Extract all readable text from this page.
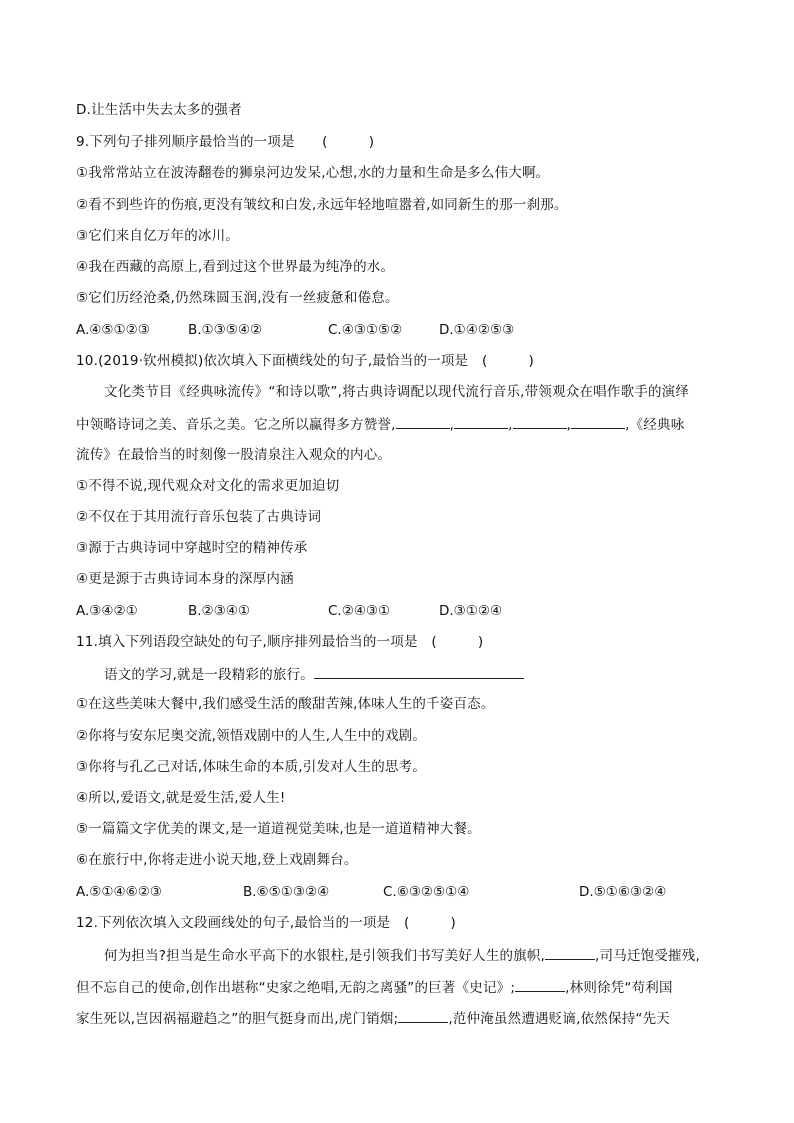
D.让生活中失去太多的强者
9.下列句子排列顺序最恰当的一项是　　(　　　)
①我常常站立在波涛翻卷的狮泉河边发呆,心想,水的力量和生命是多么伟大啊。
②看不到些许的伤痕,更没有皱纹和白发,永远年轻地喧嚣着,如同新生的那一刹那。
③它们来自亿万年的冰川。
④我在西藏的高原上,看到过这个世界最为纯净的水。
⑤它们历经沧桑,仍然珠圆玉润,没有一丝疲惫和倦怠。
A.④⑤①②③	B.①③⑤④②	C.④③①⑤②	D.①④②⑤③
10.(2019·钦州模拟)依次填入下面横线处的句子,最恰当的一项是　(　　　)
文化类节目《经典咏流传》“和诗以歌”,将古典诗调配以现代流行音乐,带领观众在唱作歌手的演绎
中领略诗词之美、音乐之美。它之所以赢得多方赞誉,	,	,	,	,《经典咏
流传》在最恰当的时刻像一股清泉注入观众的内心。
①不得不说,现代观众对文化的需求更加迫切
②不仅在于其用流行音乐包装了古典诗词
③源于古典诗词中穿越时空的精神传承
④更是源于古典诗词本身的深厚内涵
A.③④②①	B.②③④①	C.②④③①	D.③①②④
11.填入下列语段空缺处的句子,顺序排列最恰当的一项是　(　　　)
语文的学习,就是一段精彩的旅行。
①在这些美味大餐中,我们感受生活的酸甜苦辣,体味人生的千姿百态。
②你将与安东尼奥交流,领悟戏剧中的人生,人生中的戏剧。
③你将与孔乙己对话,体味生命的本质,引发对人生的思考。
④所以,爱语文,就是爱生活,爱人生!
⑤一篇篇文字优美的课文,是一道道视觉美味,也是一道道精神大餐。
⑥在旅行中,你将走进小说天地,登上戏剧舞台。
A.⑤①④⑥②③	B.⑥⑤①③②④	C.⑥③②⑤①④	D.⑤①⑥③②④
12.下列依次填入文段画线处的句子,最恰当的一项是　(　　　)
何为担当?担当是生命水平高下的水银柱,是引领我们书写美好人生的旗帜,	,司马迁饱受摧残,
但不忘自己的使命,创作出堪称“史家之绝唱,无韵之离骚”的巨著《史记》;	,林则徐凭“苟利国
家生死以,岂因祸福避趋之”的胆气挺身而出,虎门销烟;	,范仲淹虽然遭遇贬谪,依然保持“先天
